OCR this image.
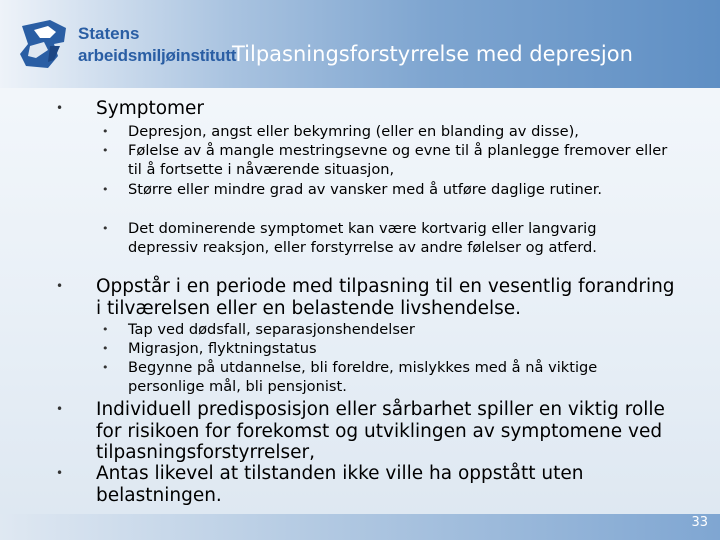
Statens
arbeidsmiljøinstitutt
Tilpasningsforstyrrelse med depresjon
• Symptomer
• Depresjon, angst eller bekymring (eller en blanding av disse),
• Følelse av å mangle mestringsevne og evne til å planlegge fremover eller til å fortsette i nåværende situasjon,
• Større eller mindre grad av vansker med å utføre daglige rutiner.
• Det dominerende symptomet kan være kortvarig eller langvarig depressiv reaksjon, eller forstyrrelse av andre følelser og atferd.
• Oppstår i en periode med tilpasning til en vesentlig forandring i tilværelsen eller en belastende livshendelse.
• Tap ved dødsfall, separasjonshendelser
• Migrasjon, flyktningstatus
• Begynne på utdannelse, bli foreldre, mislykkes med å nå viktige personlige mål, bli pensjonist.
• Individuell predisposisjon eller sårbarhet spiller en viktig rolle for risikoen for forekomst og utviklingen av symptomene ved tilpasningsforstyrrelser,
• Antas likevel at tilstanden ikke ville ha oppstått uten belastningen.
33
